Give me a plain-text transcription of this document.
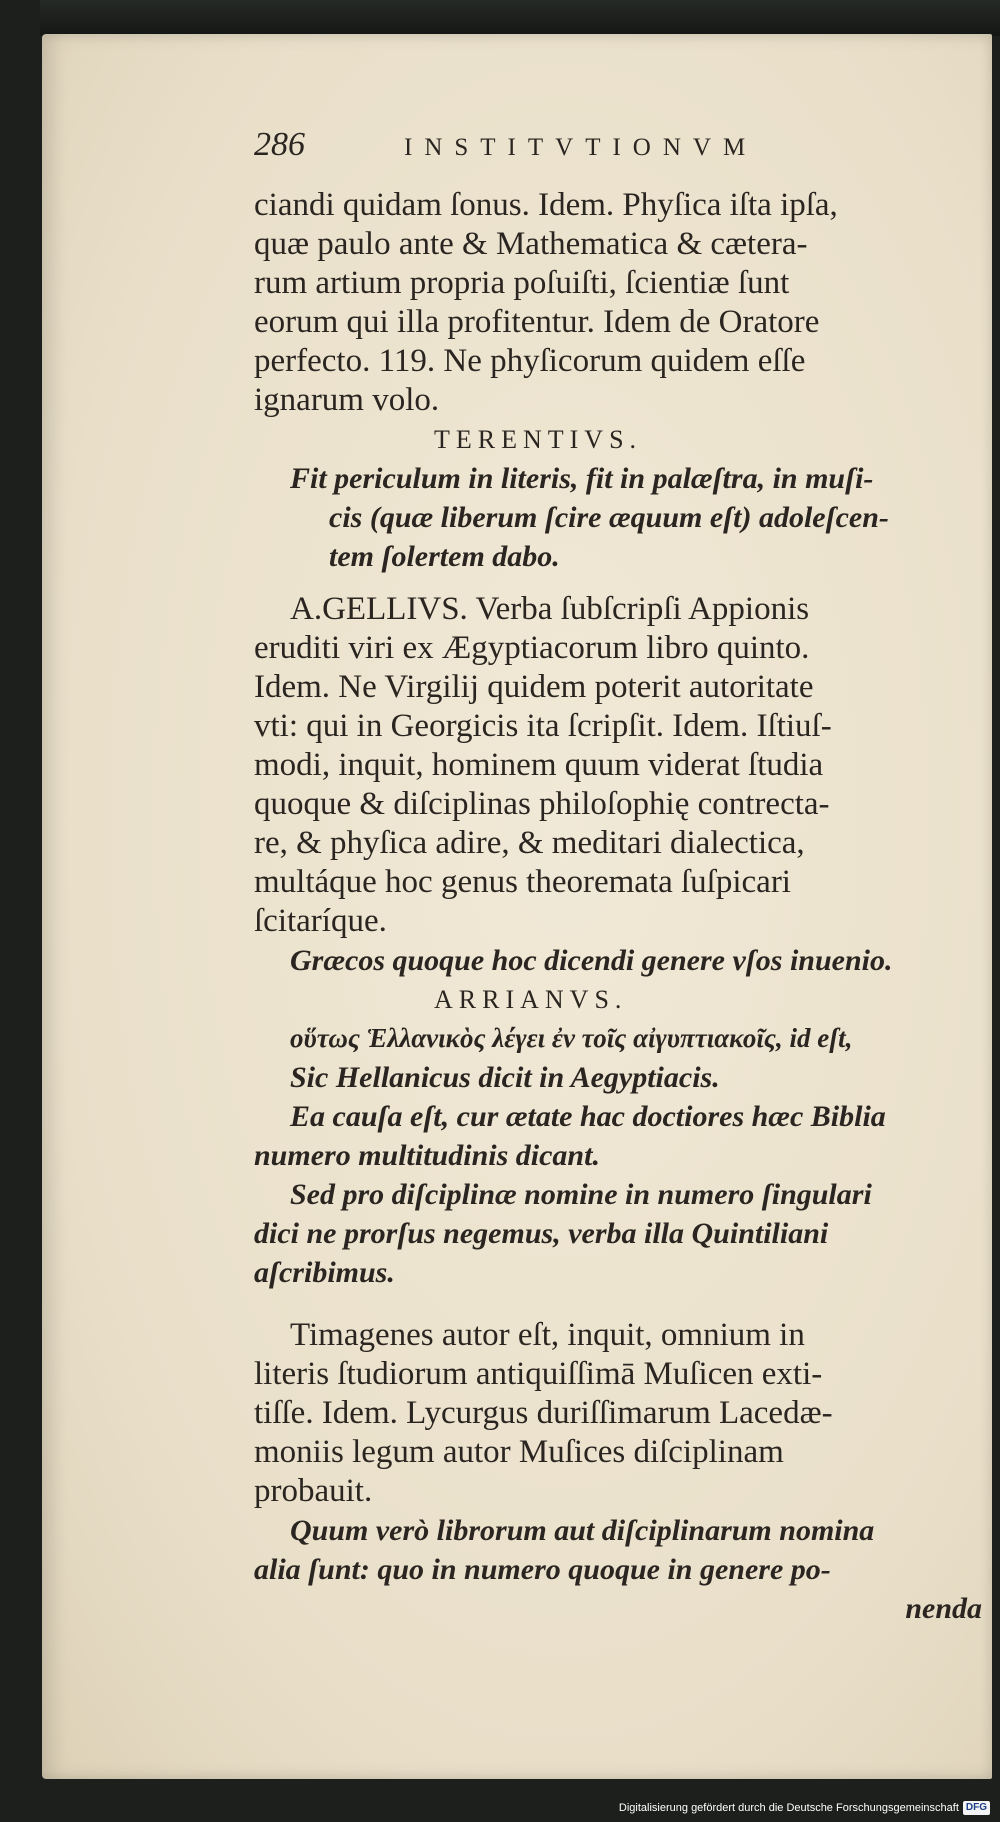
286	INSTITVTIONVM
ciandi quidam ſonus. Idem. Phyſica iſta ipſa,
quæ paulo ante & Mathematica & cætera-
rum artium propria poſuiſti, ſcientiæ ſunt
eorum qui illa profitentur. Idem de Oratore
perfecto. 119. Ne phyſicorum quidem eſſe
ignarum volo.
TERENTIVS.
Fit periculum in literis, fit in palæſtra, in muſi-
cis (quæ liberum ſcire æquum eſt) adoleſcen-
tem ſolertem dabo.
A.GELLIVS. Verba ſubſcripſi Appionis
eruditi viri ex Ægyptiacorum libro quinto.
Idem. Ne Virgilij quidem poterit autoritate
vti: qui in Georgicis ita ſcripſit. Idem. Iſtiuſ-
modi, inquit, hominem quum viderat ſtudia
quoque & diſciplinas philoſophię contrecta-
re, & phyſica adire, & meditari dialectica,
multáque hoc genus theoremata ſuſpicari
ſcitaríque.
Græcos quoque hoc dicendi genere vſos inuenio.
ARRIANVS.
οὕτως Ἑλλανικὸς λέγει ἐν τοῖς αἰγυπτιακοῖς, id eſt,
Sic Hellanicus dicit in Aegyptiacis.
Ea cauſa eſt, cur ætate hac doctiores hæc Biblia
numero multitudinis dicant.
Sed pro diſciplinæ nomine in numero ſingulari
dici ne prorſus negemus, verba illa Quintiliani
aſcribimus.
Timagenes autor eſt, inquit, omnium in
literis ſtudiorum antiquiſſimā Muſicen exti-
tiſſe. Idem. Lycurgus duriſſimarum Lacedæ-
moniis legum autor Muſices diſciplinam
probauit.
Quum verò librorum aut diſciplinarum nomina
alia ſunt: quo in numero quoque in genere po-
nenda
Digitalisierung gefördert durch die Deutsche Forschungsgemeinschaft DFG
